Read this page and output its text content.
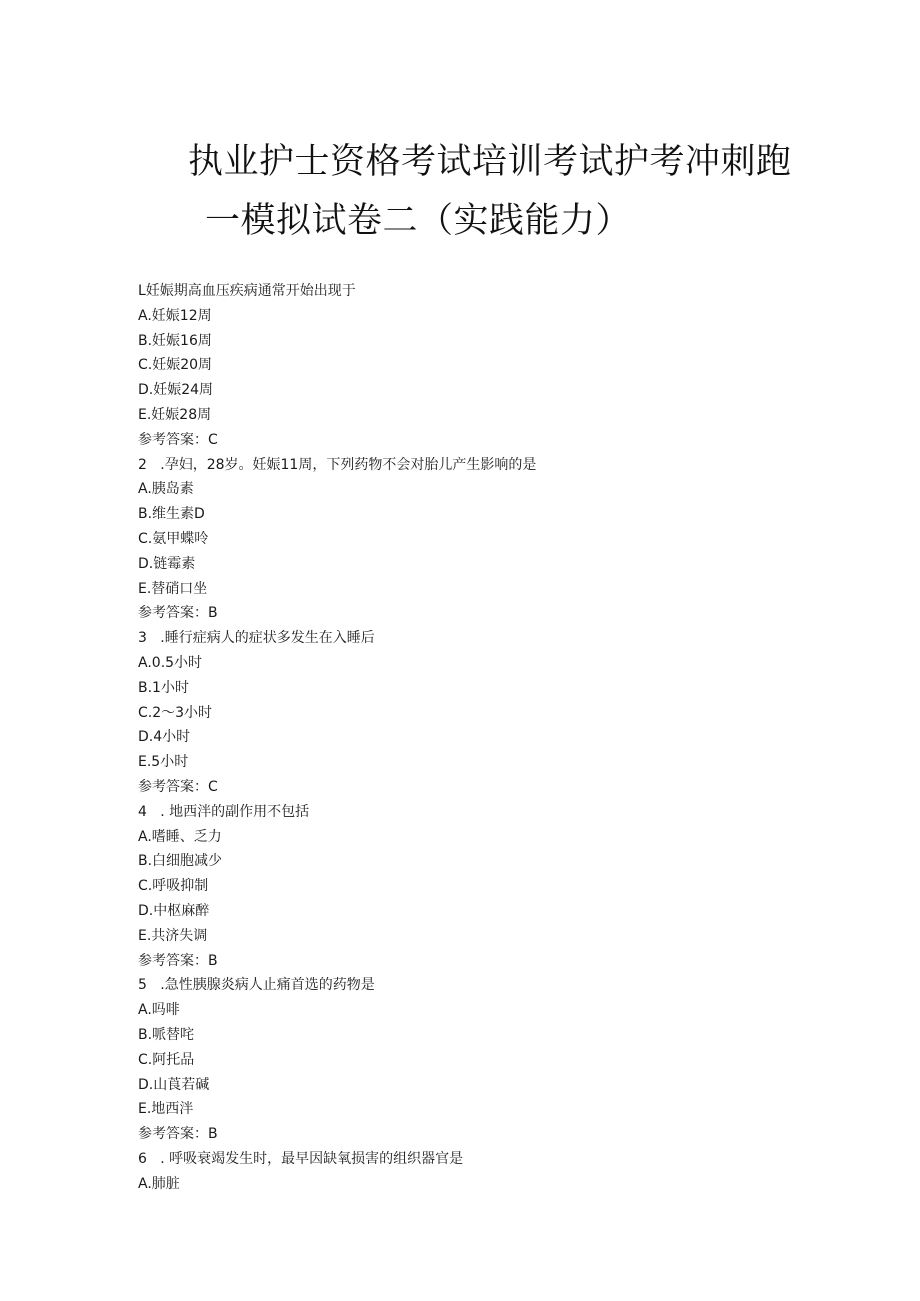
执业护士资格考试培训考试护考冲刺跑
一模拟试卷二（实践能力）
L妊娠期高血压疾病通常开始出现于
A.妊娠12周
B.妊娠16周
C.妊娠20周
D.妊娠24周
E.妊娠28周
参考答案：C
2   .孕妇，28岁。妊娠11周，下列药物不会对胎儿产生影响的是
A.胰岛素
B.维生素D
C.氨甲蝶呤
D.链霉素
E.替硝口坐
参考答案：B
3   .睡行症病人的症状多发生在入睡后
A.0.5小时
B.1小时
C.2～3小时
D.4小时
E.5小时
参考答案：C
4   . 地西泮的副作用不包括
A.嗜睡、乏力
B.白细胞减少
C.呼吸抑制
D.中枢麻醉
E.共济失调
参考答案：B
5   .急性胰腺炎病人止痛首选的药物是
A.吗啡
B.哌替咤
C.阿托品
D.山莨若碱
E.地西泮
参考答案：B
6   . 呼吸衰竭发生时，最早因缺氧损害的组织器官是
A.肺脏
